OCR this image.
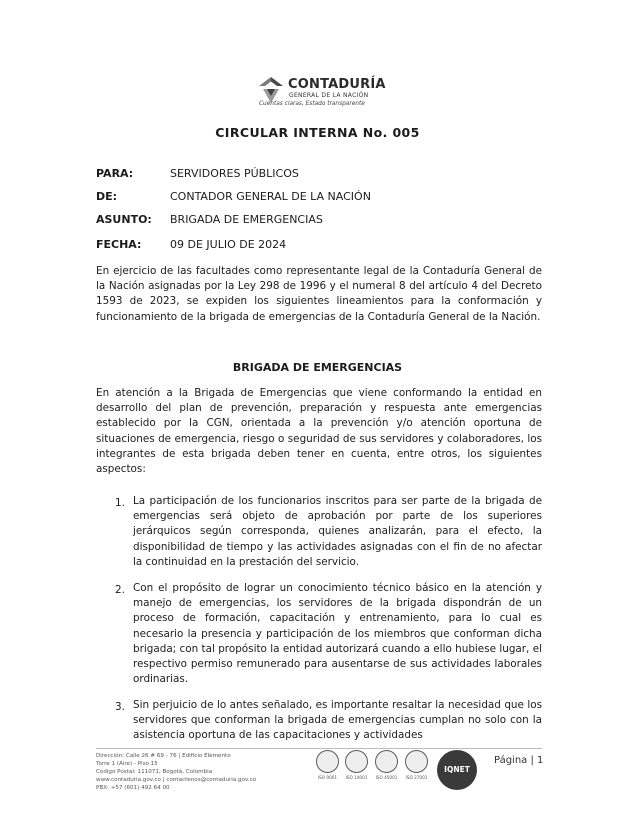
CONTADURÍA
GENERAL DE LA NACIÓN
Cuentas claras, Estado transparente
CIRCULAR INTERNA No. 005
PARA:	SERVIDORES PÚBLICOS
DE:	CONTADOR GENERAL DE LA NACIÓN
ASUNTO: BRIGADA DE EMERGENCIAS
FECHA:	09 DE JULIO DE 2024

En ejercicio de las facultades como representante legal de la Contaduría General de la Nación asignadas por la Ley 298 de 1996 y el numeral 8 del artículo 4 del Decreto 1593 de 2023, se expiden los siguientes lineamientos para la conformación y funcionamiento de la brigada de emergencias de la Contaduría General de la Nación.

BRIGADA DE EMERGENCIAS

En atención a la Brigada de Emergencias que viene conformando la entidad en desarrollo del plan de prevención, preparación y respuesta ante emergencias establecido por la CGN, orientada a la prevención y/o atención oportuna de situaciones de emergencia, riesgo o seguridad de sus servidores y colaboradores, los integrantes de esta brigada deben tener en cuenta, entre otros, los siguientes aspectos:

1. La participación de los funcionarios inscritos para ser parte de la brigada de emergencias será objeto de aprobación por parte de los superiores jerárquicos según corresponda, quienes analizarán, para el efecto, la disponibilidad de tiempo y las actividades asignadas con el fin de no afectar la continuidad en la prestación del servicio.

2. Con el propósito de lograr un conocimiento técnico básico en la atención y manejo de emergencias, los servidores de la brigada dispondrán de un proceso de formación, capacitación y entrenamiento, para lo cual es necesario la presencia y participación de los miembros que conforman dicha brigada; con tal propósito la entidad autorizará cuando a ello hubiese lugar, el respectivo permiso remunerado para ausentarse de sus actividades laborales ordinarias.

3. Sin perjuicio de lo antes señalado, es importante resaltar la necesidad que los servidores que conforman la brigada de emergencias cumplan no solo con la asistencia oportuna de las capacitaciones y actividades

Dirección: Calle 26 # 69 - 76 | Edificio Elemento
Torre 1 (Aire) - Piso 15
Código Postal: 111071, Bogotá, Colombia
www.contaduria.gov.co | contactenos@contaduria.gov.co
PBX: +57 (601) 492 64 00
ISO 9001	ISO 14001 ISO 45001 ISO 27001
IQNET
Página | 1
